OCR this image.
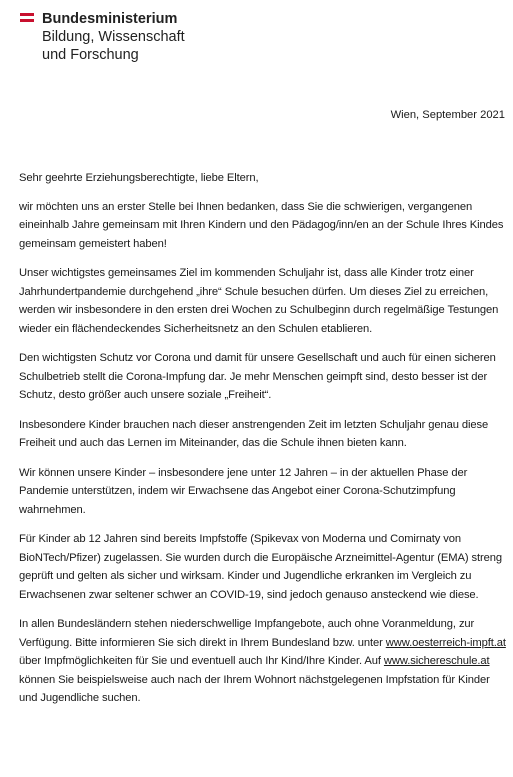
Bundesministerium
Bildung, Wissenschaft
und Forschung
Wien, September 2021

Sehr geehrte Erziehungsberechtigte, liebe Eltern,

wir möchten uns an erster Stelle bei Ihnen bedanken, dass Sie die schwierigen, vergangenen eineinhalb Jahre gemeinsam mit Ihren Kindern und den Pädagog/inn/en an der Schule Ihres Kindes gemeinsam gemeistert haben!

Unser wichtigstes gemeinsames Ziel im kommenden Schuljahr ist, dass alle Kinder trotz einer Jahrhundertpandemie durchgehend „ihre“ Schule besuchen dürfen. Um dieses Ziel zu erreichen, werden wir insbesondere in den ersten drei Wochen zu Schulbeginn durch regelmäßige Testungen wieder ein flächendeckendes Sicherheitsnetz an den Schulen etablieren.

Den wichtigsten Schutz vor Corona und damit für unsere Gesellschaft und auch für einen sicheren Schulbetrieb stellt die Corona-Impfung dar. Je mehr Menschen geimpft sind, desto besser ist der Schutz, desto größer auch unsere soziale „Freiheit“.

Insbesondere Kinder brauchen nach dieser anstrengenden Zeit im letzten Schuljahr genau diese Freiheit und auch das Lernen im Miteinander, das die Schule ihnen bieten kann.

Wir können unsere Kinder – insbesondere jene unter 12 Jahren – in der aktuellen Phase der Pandemie unterstützen, indem wir Erwachsene das Angebot einer Corona-Schutzimpfung wahrnehmen.

Für Kinder ab 12 Jahren sind bereits Impfstoffe (Spikevax von Moderna und Comirnaty von BioNTech/Pfizer) zugelassen. Sie wurden durch die Europäische Arzneimittel-Agentur (EMA) streng geprüft und gelten als sicher und wirksam. Kinder und Jugendliche erkranken im Vergleich zu Erwachsenen zwar seltener schwer an COVID-19, sind jedoch genauso ansteckend wie diese.

In allen Bundesländern stehen niederschwellige Impfangebote, auch ohne Voranmeldung, zur Verfügung. Bitte informieren Sie sich direkt in Ihrem Bundesland bzw. unter www.oesterreich-impft.at über Impfmöglichkeiten für Sie und eventuell auch Ihr Kind/Ihre Kinder. Auf www.sichereschule.at können Sie beispielsweise auch nach der Ihrem Wohnort nächstgelegenen Impfstation für Kinder und Jugendliche suchen.
